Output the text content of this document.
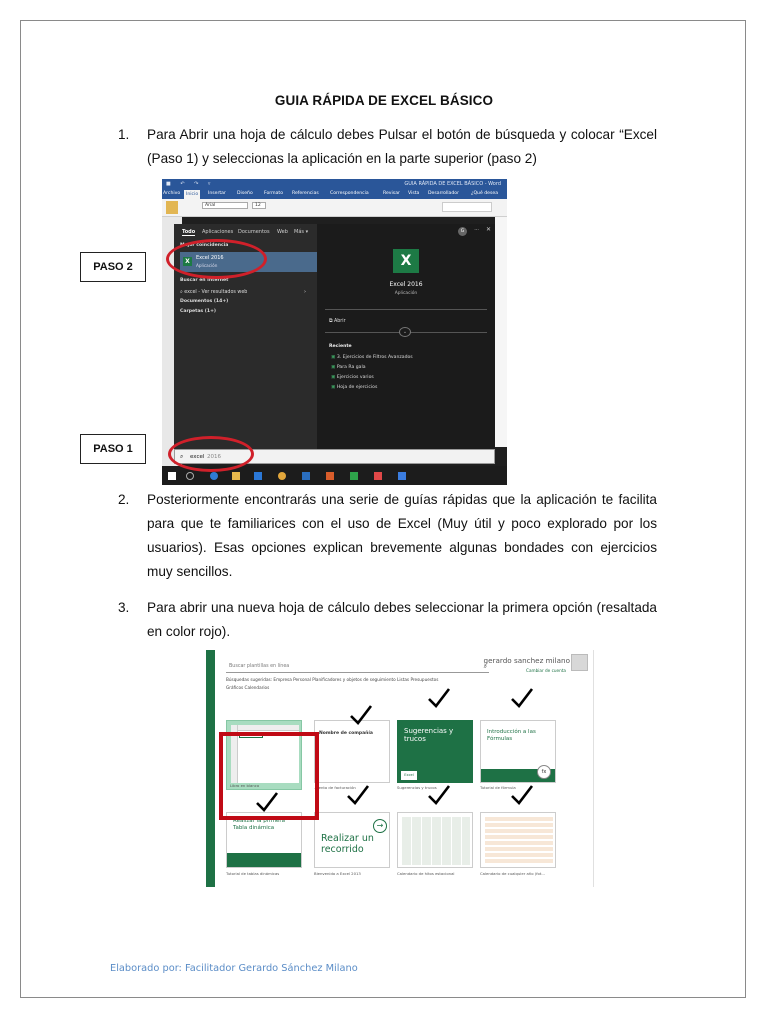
GUIA RÁPIDA DE EXCEL BÁSICO
1. Para Abrir una hoja de cálculo debes Pulsar el botón de búsqueda y colocar “Excel (Paso 1) y seleccionas la aplicación en la parte superior (paso 2)
■ ↶ ↷ ▿	GUIA RÁPIDA DE EXCEL BÁSICO - Word
Archivo	Inicio	Insertar Diseño Formato Referencias Correspondencia	Revisar Vista Desarrollador	¿Qué desea
Arial	12
Todo Aplicaciones Documentos Web Más ▾
Mejor coincidencia
X	Excel 2016
Aplicación
Buscar en Internet
⌕ excel - Ver resultados web	›
Documentos (14+)
Carpetas (1+)
G	··· ✕
X
Excel 2016
Aplicación
⧉ Abrir
⌄
Reciente
▣ 3. Ejercicios de Filtros Avanzados
▣ Para Ra gala
▣ Ejercicios varios
▣ Hoja de ejercicios
⌕ excel 2016
PASO 2
PASO 1
2. Posteriormente encontrarás una serie de guías rápidas que la aplicación te facilita para que te familiarices con el uso de Excel (Muy útil y poco explorado por los usuarios). Esas opciones explican brevemente algunas bondades con ejercicios muy sencillos.
3. Para abrir una nueva hoja de cálculo debes seleccionar la primera opción (resaltada en color rojo).
Buscar plantillas en línea	⌕
Búsquedas sugeridas: Empresa Personal Planificadores y objetos de seguimiento Listas Presupuestos
Gráficos Calendarios
gerardo sanchez milano
Cambiar de cuenta
Libro en blanco
Nombre de compañía
...iento de facturación
Sugerencias y trucos
Excel
Sugerencias y trucos
Introducción a las Fórmulas
fx
Tutorial de fórmula
Realizar la primera Tabla dinámica
Tutorial de tablas dinámicas
Realizar un recorrido
→
Bienvenido a Excel 2013	Calendario de hitos estacional	Calendario de cualquier año (fot...
Elaborado por: Facilitador Gerardo Sánchez Milano
